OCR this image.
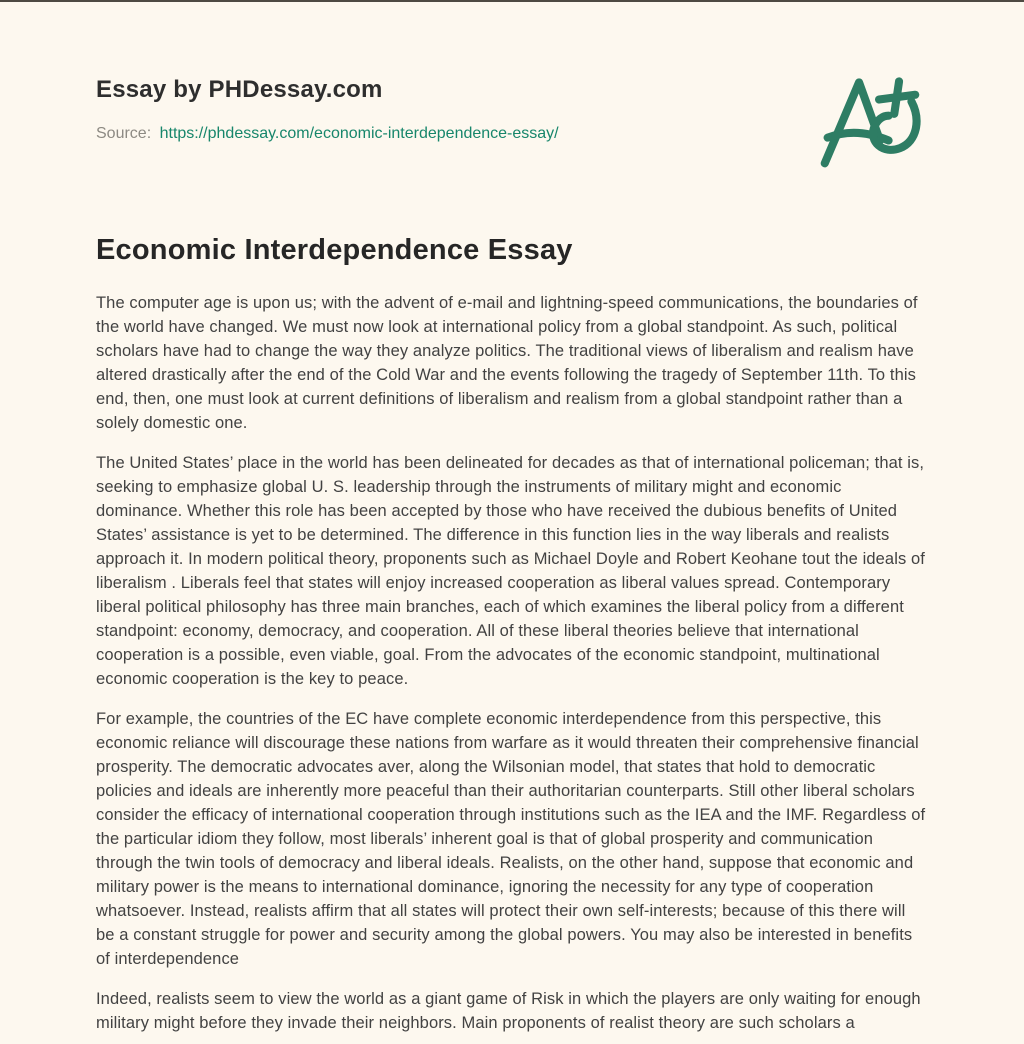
Essay by PHDessay.com
Source: https://phdessay.com/economic-interdependence-essay/
Economic Interdependence Essay

The computer age is upon us; with the advent of e-mail and lightning-speed communications, the boundaries of the world have changed. We must now look at international policy from a global standpoint. As such, political scholars have had to change the way they analyze politics. The traditional views of liberalism and realism have altered drastically after the end of the Cold War and the events following the tragedy of September 11th. To this end, then, one must look at current definitions of liberalism and realism from a global standpoint rather than a solely domestic one.

The United States’ place in the world has been delineated for decades as that of international policeman; that is, seeking to emphasize global U. S. leadership through the instruments of military might and economic dominance. Whether this role has been accepted by those who have received the dubious benefits of United States’ assistance is yet to be determined. The difference in this function lies in the way liberals and realists approach it. In modern political theory, proponents such as Michael Doyle and Robert Keohane tout the ideals of liberalism . Liberals feel that states will enjoy increased cooperation as liberal values spread. Contemporary liberal political philosophy has three main branches, each of which examines the liberal policy from a different standpoint: economy, democracy, and cooperation. All of these liberal theories believe that international cooperation is a possible, even viable, goal. From the advocates of the economic standpoint, multinational economic cooperation is the key to peace.

For example, the countries of the EC have complete economic interdependence from this perspective, this economic reliance will discourage these nations from warfare as it would threaten their comprehensive financial prosperity. The democratic advocates aver, along the Wilsonian model, that states that hold to democratic policies and ideals are inherently more peaceful than their authoritarian counterparts. Still other liberal scholars consider the efficacy of international cooperation through institutions such as the IEA and the IMF. Regardless of the particular idiom they follow, most liberals’ inherent goal is that of global prosperity and communication through the twin tools of democracy and liberal ideals. Realists, on the other hand, suppose that economic and military power is the means to international dominance, ignoring the necessity for any type of cooperation whatsoever. Instead, realists affirm that all states will protect their own self-interests; because of this there will be a constant struggle for power and security among the global powers. You may also be interested in benefits of interdependence

Indeed, realists seem to view the world as a giant game of Risk in which the players are only waiting for enough military might before they invade their neighbors. Main proponents of realist theory are such scholars a
